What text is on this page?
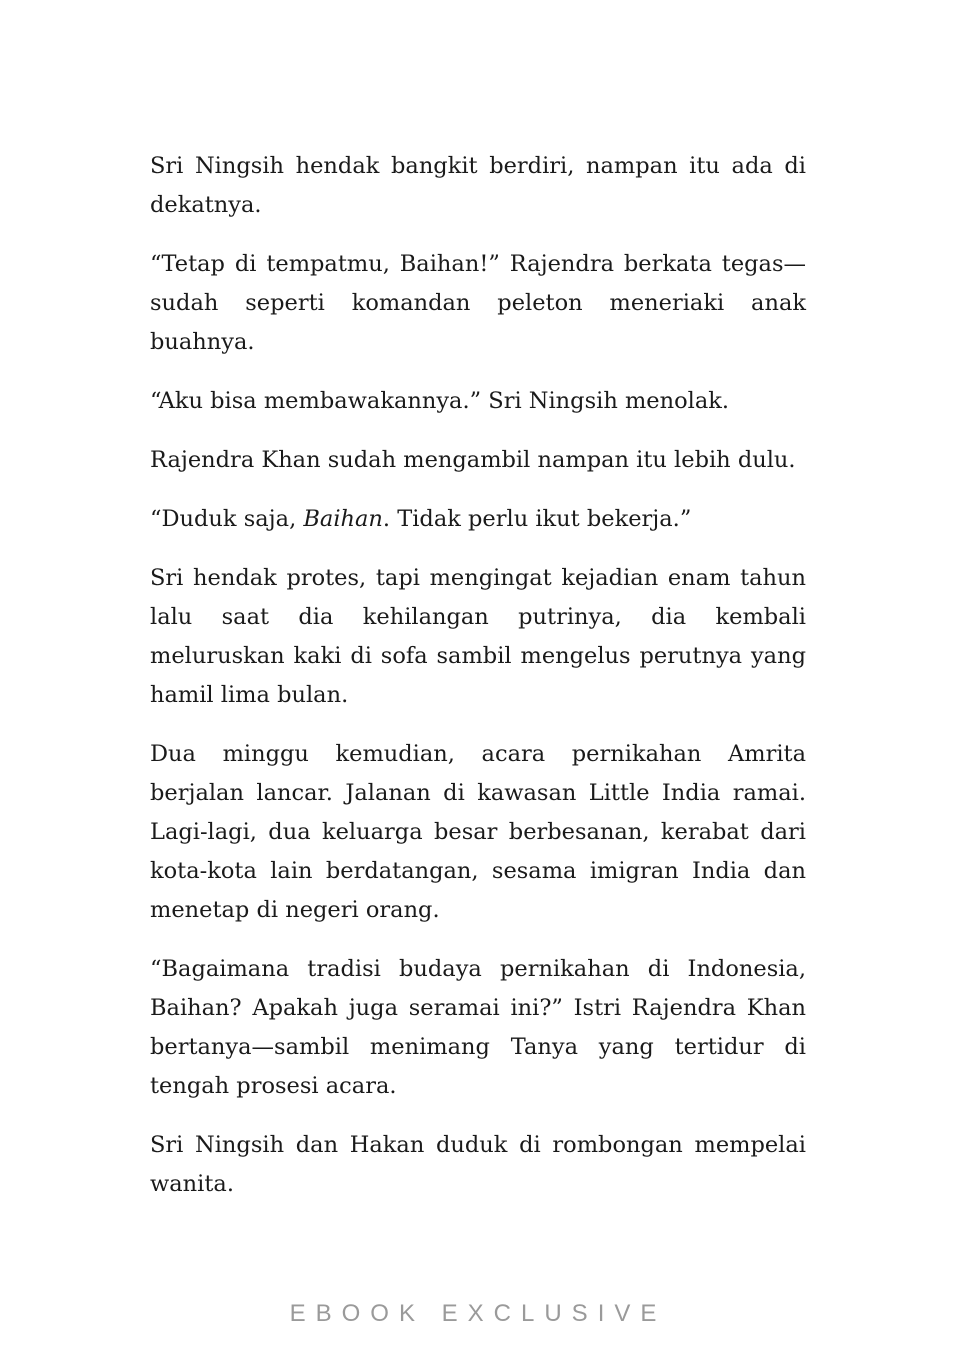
Sri Ningsih hendak bangkit berdiri, nampan itu ada di dekatnya.

“Tetap di tempatmu, Baihan!” Rajendra berkata tegas—sudah seperti komandan peleton meneriaki anak buahnya.

“Aku bisa membawakannya.” Sri Ningsih menolak.

Rajendra Khan sudah mengambil nampan itu lebih dulu.

“Duduk saja, Baihan. Tidak perlu ikut bekerja.”

Sri hendak protes, tapi mengingat kejadian enam tahun lalu saat dia kehilangan putrinya, dia kembali meluruskan kaki di sofa sambil mengelus perutnya yang hamil lima bulan.

Dua minggu kemudian, acara pernikahan Amrita berjalan lancar. Jalanan di kawasan Little India ramai. Lagi-lagi, dua keluarga besar berbesanan, kerabat dari kota-kota lain berdatangan, sesama imigran India dan menetap di negeri orang.

“Bagaimana tradisi budaya pernikahan di Indonesia, Baihan? Apakah juga seramai ini?” Istri Rajendra Khan bertanya—sambil menimang Tanya yang tertidur di tengah prosesi acara.

Sri Ningsih dan Hakan duduk di rombongan mempelai wanita.

EBOOK EXCLUSIVE
